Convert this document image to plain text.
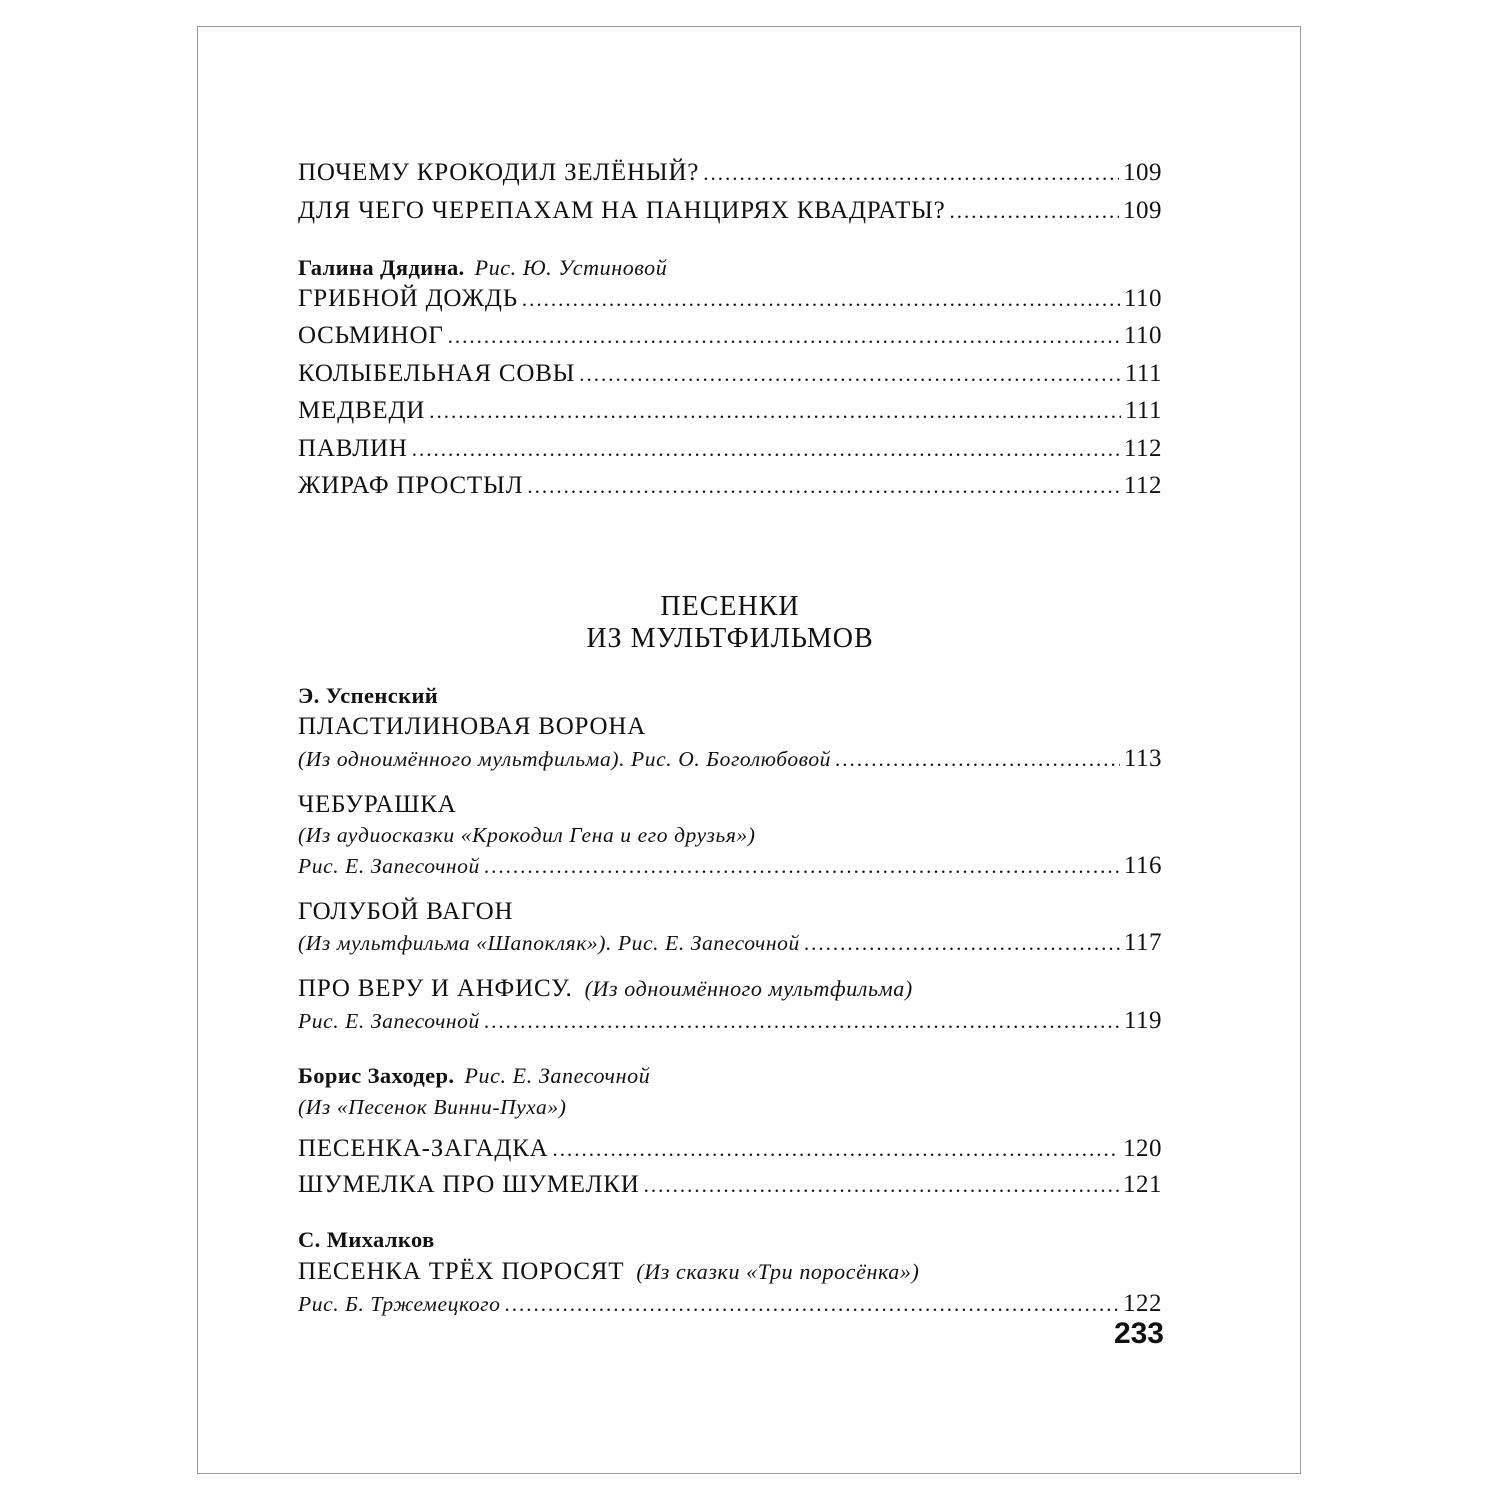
ПОЧЕМУ КРОКОДИЛ ЗЕЛЁНЫЙ? .....	109
ДЛЯ ЧЕГО ЧЕРЕПАХАМ НА ПАНЦИРЯХ КВАДРАТЫ? .....	109
Галина Дядина. Рис. Ю. Устиновой
ГРИБНОЙ ДОЖДЬ .....	110
ОСЬМИНОГ .....	110
КОЛЫБЕЛЬНАЯ СОВЫ .....	111
МЕДВЕДИ .....	111
ПАВЛИН .....	112
ЖИРАФ ПРОСТЫЛ .....	112
ПЕСЕНКИ
ИЗ МУЛЬТФИЛЬМОВ
Э. Успенский
ПЛАСТИЛИНОВАЯ ВОРОНА
(Из одноимённого мультфильма). Рис. О. Боголюбовой .....	113
ЧЕБУРАШКА
(Из аудиосказки «Крокодил Гена и его друзья»)
Рис. Е. Запесочной .....	116
ГОЛУБОЙ ВАГОН
(Из мультфильма «Шапокляк»). Рис. Е. Запесочной .....	117
ПРО ВЕРУ И АНФИСУ. (Из одноимённого мультфильма)
Рис. Е. Запесочной .....	119
Борис Заходер. Рис. Е. Запесочной
(Из «Песенок Винни-Пуха»)
ПЕСЕНКА-ЗАГАДКА .....	120
ШУМЕЛКА ПРО ШУМЕЛКИ .....	121
С. Михалков
ПЕСЕНКА ТРЁХ ПОРОСЯТ (Из сказки «Три поросёнка»)
Рис. Б. Тржемецкого .....	122
233
